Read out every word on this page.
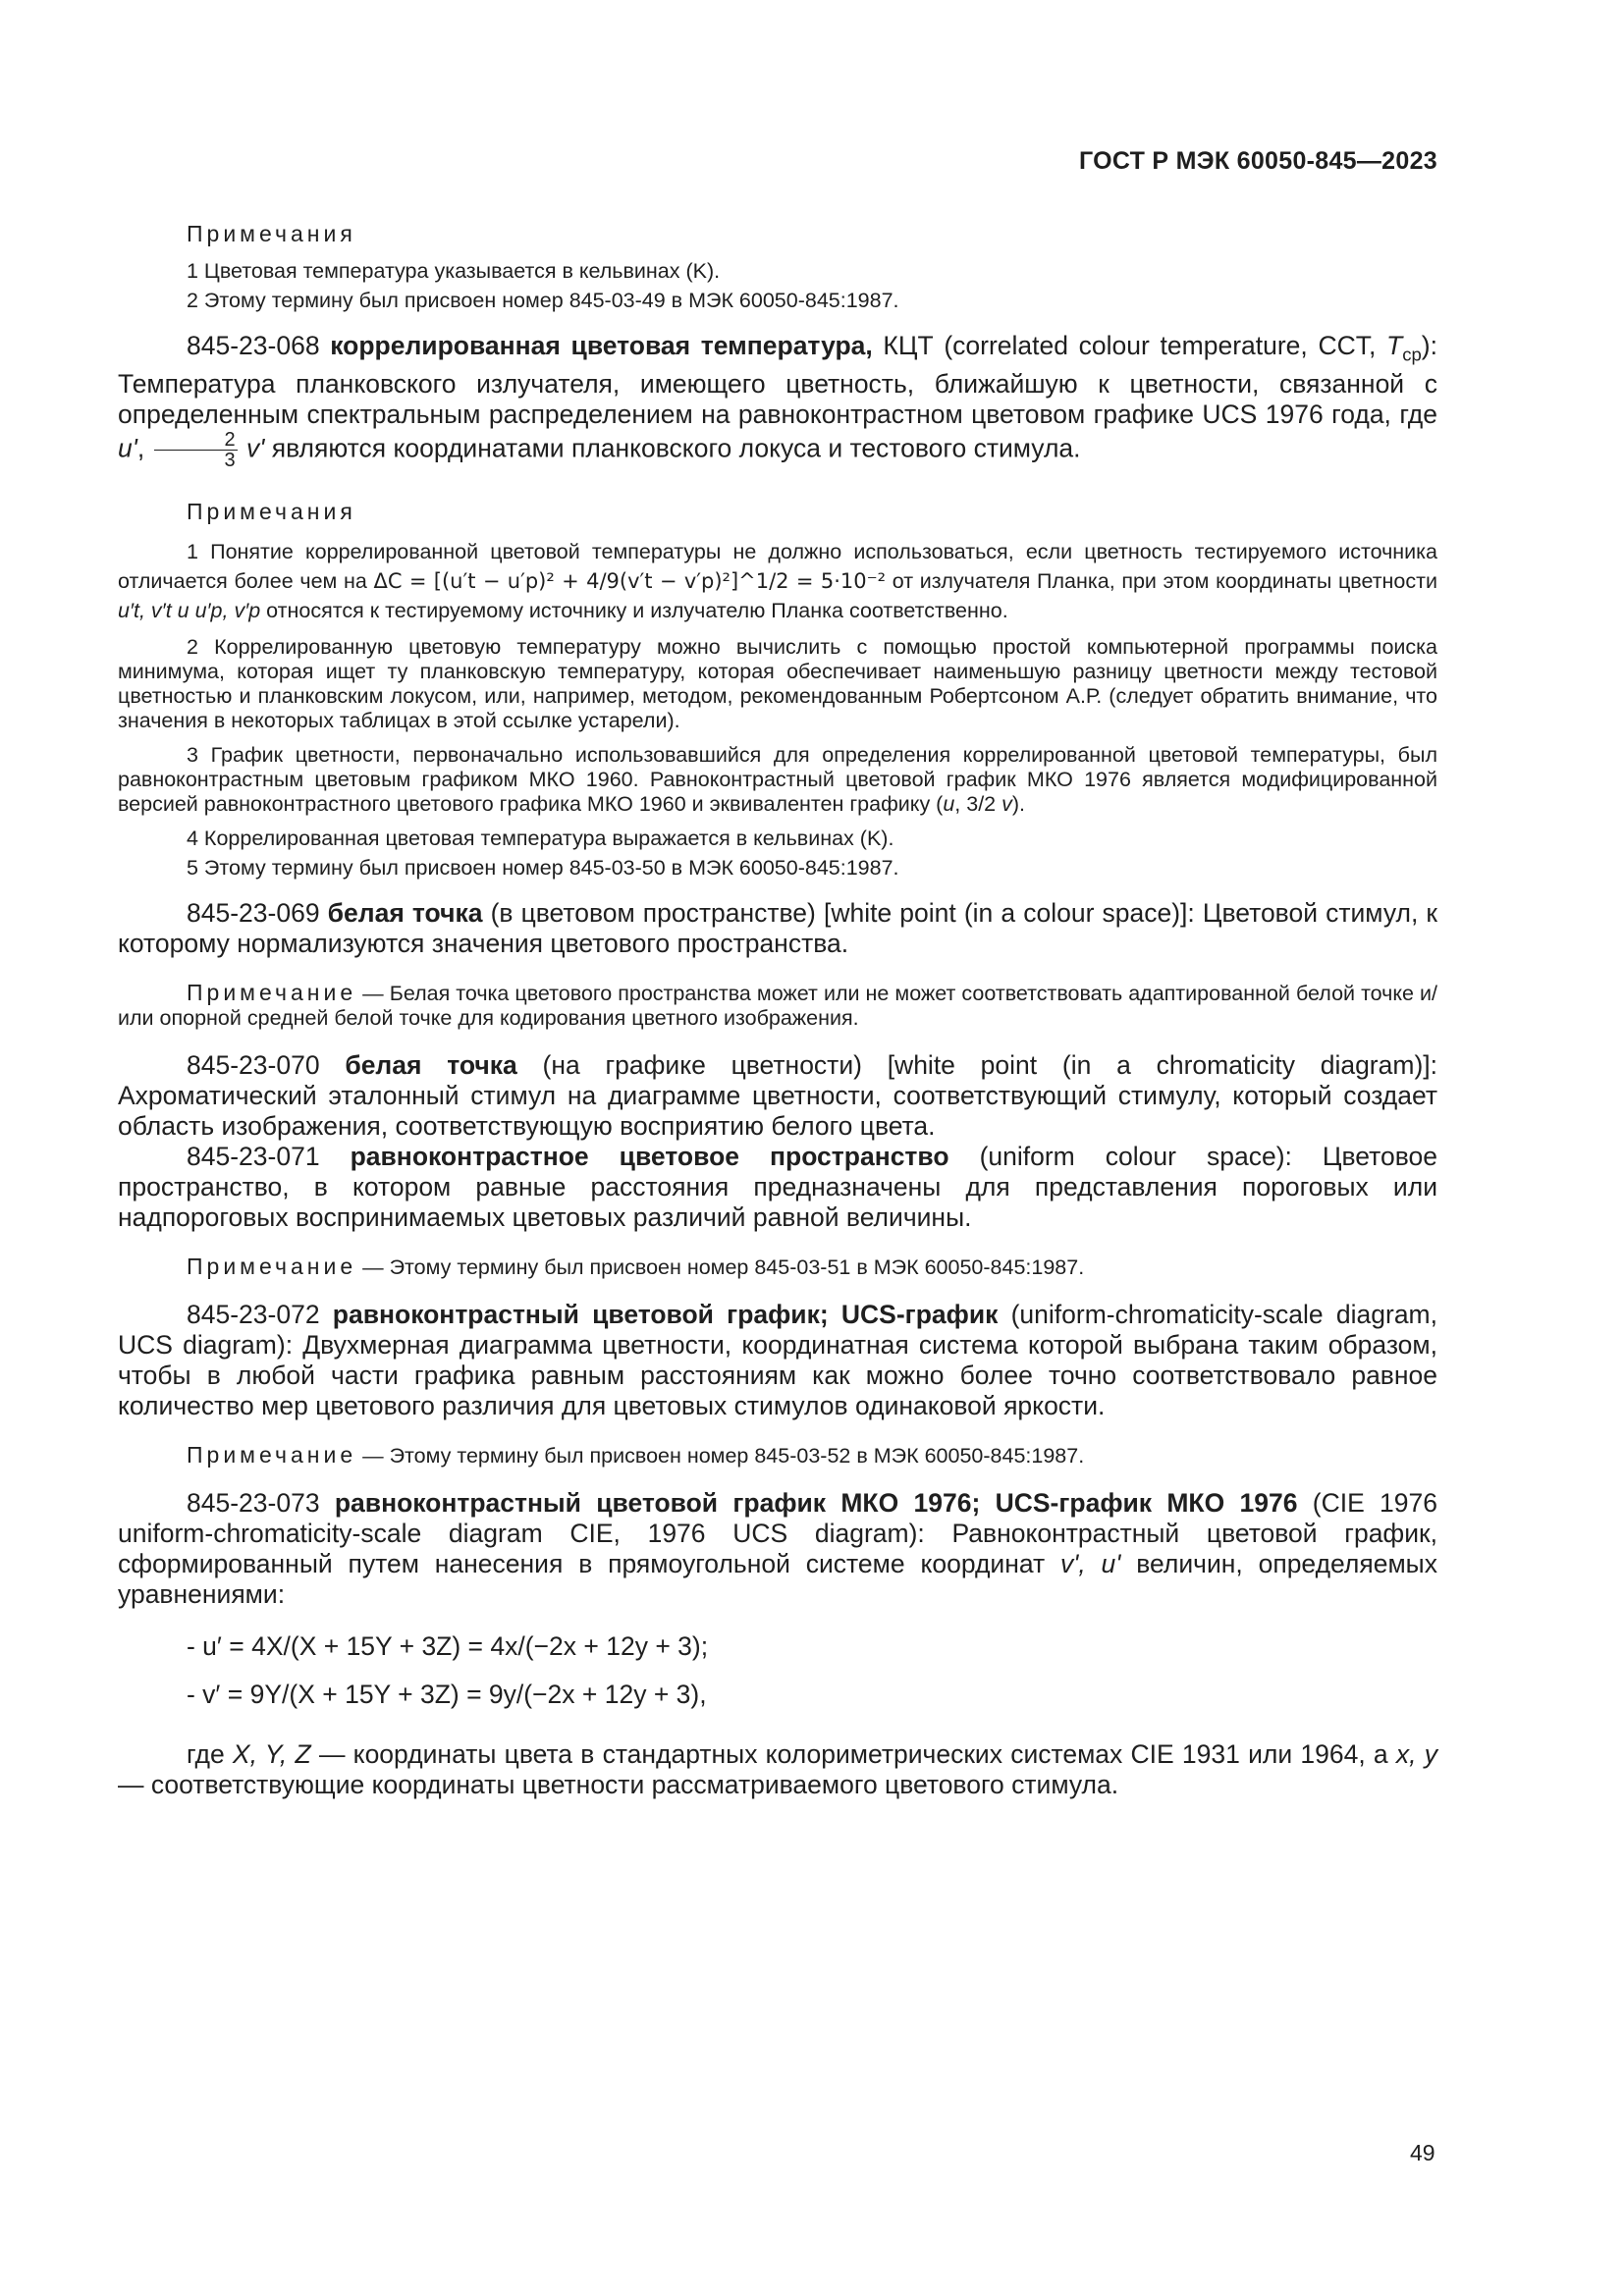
ГОСТ Р МЭК 60050-845—2023

Примечания

1 Цветовая температура указывается в кельвинах (K).

2 Этому термину был присвоен номер 845-03-49 в МЭК 60050-845:1987.

845-23-068 коррелированная цветовая температура, КЦТ (correlated colour temperature, CCT, $T_{cp}$): Температура планковского излучателя, имеющего цветность, ближайшую к цветности, связанной с определенным спектральным распределением на равноконтрастном цветовом графике UCS 1976 года, где u', $\frac{2}{3} v'$ являются координатами планковского локуса и тестового стимула.

Примечания

1 Понятие коррелированной цветовой температуры не должно использоваться, если цветность тестируемого источника отличается более чем на ΔC = [(u′t − u′p)² + 4/9(v′t − v′p)²]^1/2 = 5·10⁻² от излучателя Планка, при этом координаты цветности u′t, v′t и u′p, v′p относятся к тестируемому источнику и излучателю Планка соответственно.

2 Коррелированную цветовую температуру можно вычислить с помощью простой компьютерной программы поиска минимума, которая ищет ту планковскую температуру, которая обеспечивает наименьшую разницу цветности между тестовой цветностью и планковским локусом, или, например, методом, рекомендованным Робертсоном А.Р. (следует обратить внимание, что значения в некоторых таблицах в этой ссылке устарели).

3 График цветности, первоначально использовавшийся для определения коррелированной цветовой температуры, был равноконтрастным цветовым графиком МКО 1960. Равноконтрастный цветовой график МКО 1976 является модифицированной версией равноконтрастного цветового графика МКО 1960 и эквивалентен графику (u, 3/2 v).

4 Коррелированная цветовая температура выражается в кельвинах (K).

5 Этому термину был присвоен номер 845-03-50 в МЭК 60050-845:1987.

845-23-069 белая точка (в цветовом пространстве) [white point (in a colour space)]: Цветовой стимул, к которому нормализуются значения цветового пространства.

Примечание — Белая точка цветового пространства может или не может соответствовать адаптированной белой точке и/или опорной средней белой точке для кодирования цветного изображения.

845-23-070 белая точка (на графике цветности) [white point (in a chromaticity diagram)]: Ахроматический эталонный стимул на диаграмме цветности, соответствующий стимулу, который создает область изображения, соответствующую восприятию белого цвета.

845-23-071 равноконтрастное цветовое пространство (uniform colour space): Цветовое пространство, в котором равные расстояния предназначены для представления пороговых или надпороговых воспринимаемых цветовых различий равной величины.

Примечание — Этому термину был присвоен номер 845-03-51 в МЭК 60050-845:1987.

845-23-072 равноконтрастный цветовой график; UCS-график (uniform-chromaticity-scale diagram, UCS diagram): Двухмерная диаграмма цветности, координатная система которой выбрана таким образом, чтобы в любой части графика равным расстояниям как можно более точно соответствовало равное количество мер цветового различия для цветовых стимулов одинаковой яркости.

Примечание — Этому термину был присвоен номер 845-03-52 в МЭК 60050-845:1987.

845-23-073 равноконтрастный цветовой график МКО 1976; UCS-график МКО 1976 (CIE 1976 uniform-chromaticity-scale diagram CIE, 1976 UCS diagram): Равноконтрастный цветовой график, сформированный путем нанесения в прямоугольной системе координат v', u' величин, определяемых уравнениями:

- u′ = 4X/(X + 15Y + 3Z) = 4x/(−2x + 12y + 3);

- v′ = 9Y/(X + 15Y + 3Z) = 9y/(−2x + 12y + 3),

где X, Y, Z — координаты цвета в стандартных колориметрических системах CIE 1931 или 1964, а x, y — соответствующие координаты цветности рассматриваемого цветового стимула.

49
